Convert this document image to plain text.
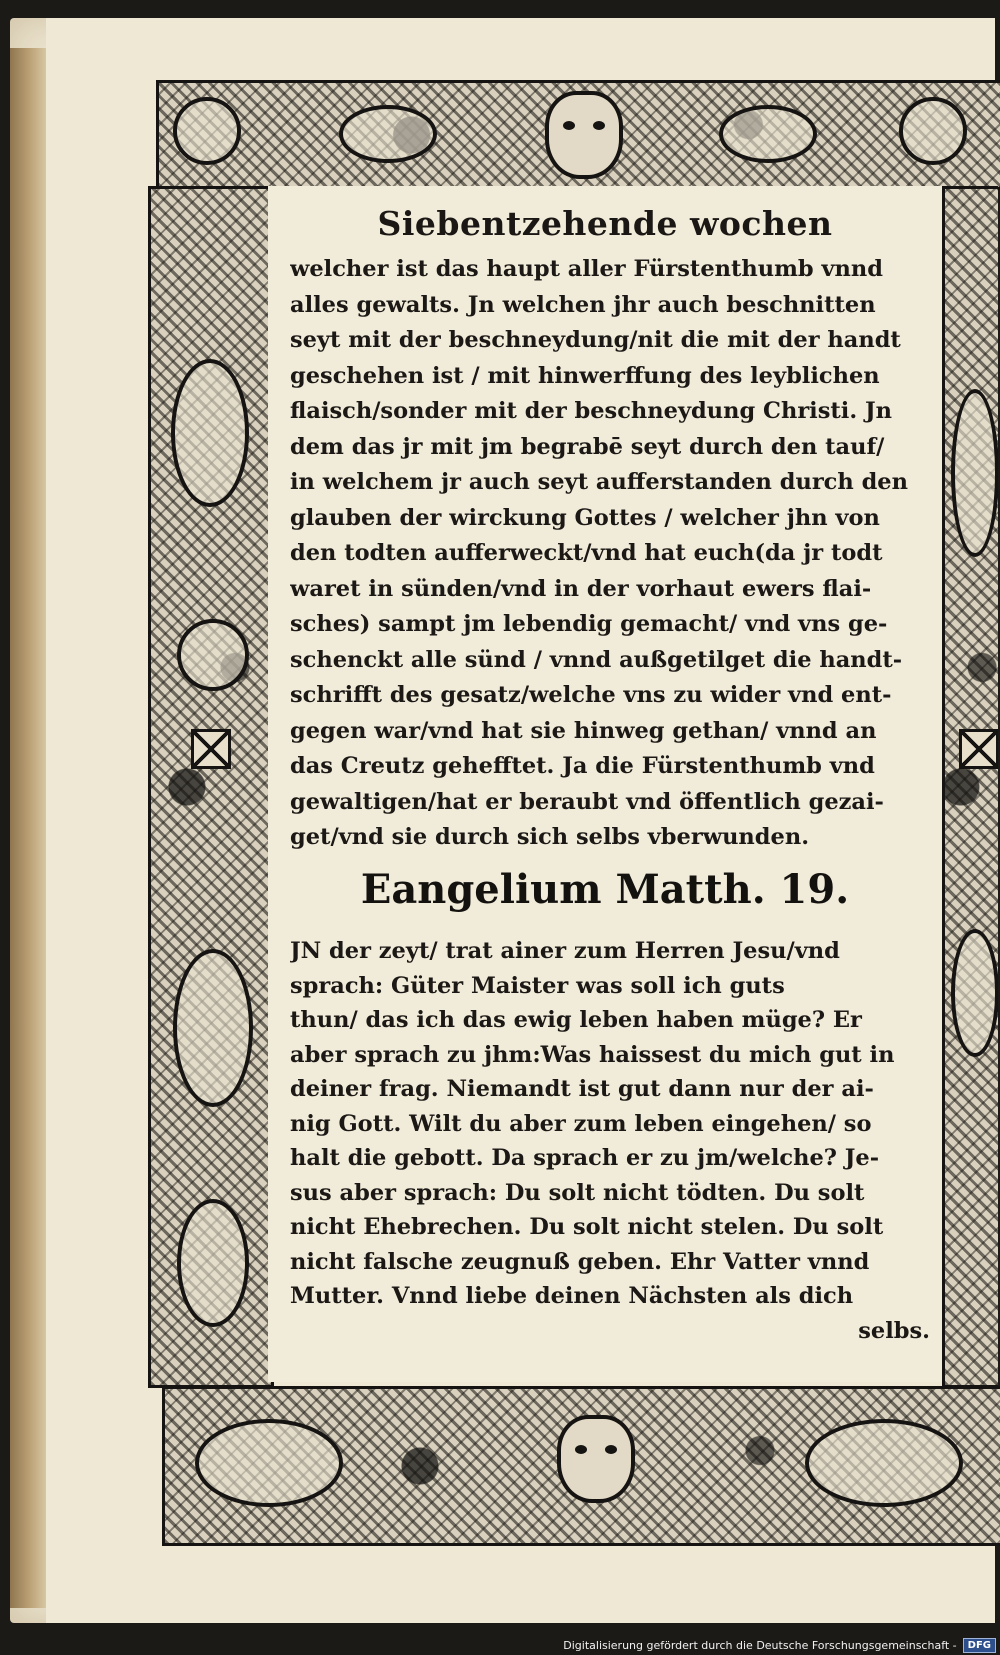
Siebentzehende wochen
welcher ist das haupt aller Fürstenthumb vnnd
alles gewalts. Jn welchen jhr auch beschnitten
seyt mit der beschneydung/nit die mit der handt
geschehen ist / mit hinwerffung des leyblichen
flaisch/sonder mit der beschneydung Christi. Jn
dem das jr mit jm begrabē seyt durch den tauf/
in welchem jr auch seyt aufferstanden durch den
glauben der wirckung Gottes / welcher jhn von
den todten aufferweckt/vnd hat euch(da jr todt
waret in sünden/vnd in der vorhaut ewers flai-
sches) sampt jm lebendig gemacht/ vnd vns ge-
schenckt alle sünd / vnnd außgetilget die handt-
schrifft des gesatz/welche vns zu wider vnd ent-
gegen war/vnd hat sie hinweg gethan/ vnnd an
das Creutz gehefftet. Ja die Fürstenthumb vnd
gewaltigen/hat er beraubt vnd öffentlich gezai-
get/vnd sie durch sich selbs vberwunden.
Eangelium Matth. 19.
JN der zeyt/ trat ainer zum Herren Jesu/vnd
sprach: Güter Maister was soll ich guts
thun/ das ich das ewig leben haben müge? Er
aber sprach zu jhm:Was haissest du mich gut in
deiner frag. Niemandt ist gut dann nur der ai-
nig Gott. Wilt du aber zum leben eingehen/ so
halt die gebott. Da sprach er zu jm/welche? Je-
sus aber sprach: Du solt nicht tödten. Du solt
nicht Ehebrechen. Du solt nicht stelen. Du solt
nicht falsche zeugnuß geben. Ehr Vatter vnnd
Mutter. Vnnd liebe deinen Nächsten als dich
selbs.
Digitalisierung gefördert durch die Deutsche Forschungsgemeinschaft -	DFG
